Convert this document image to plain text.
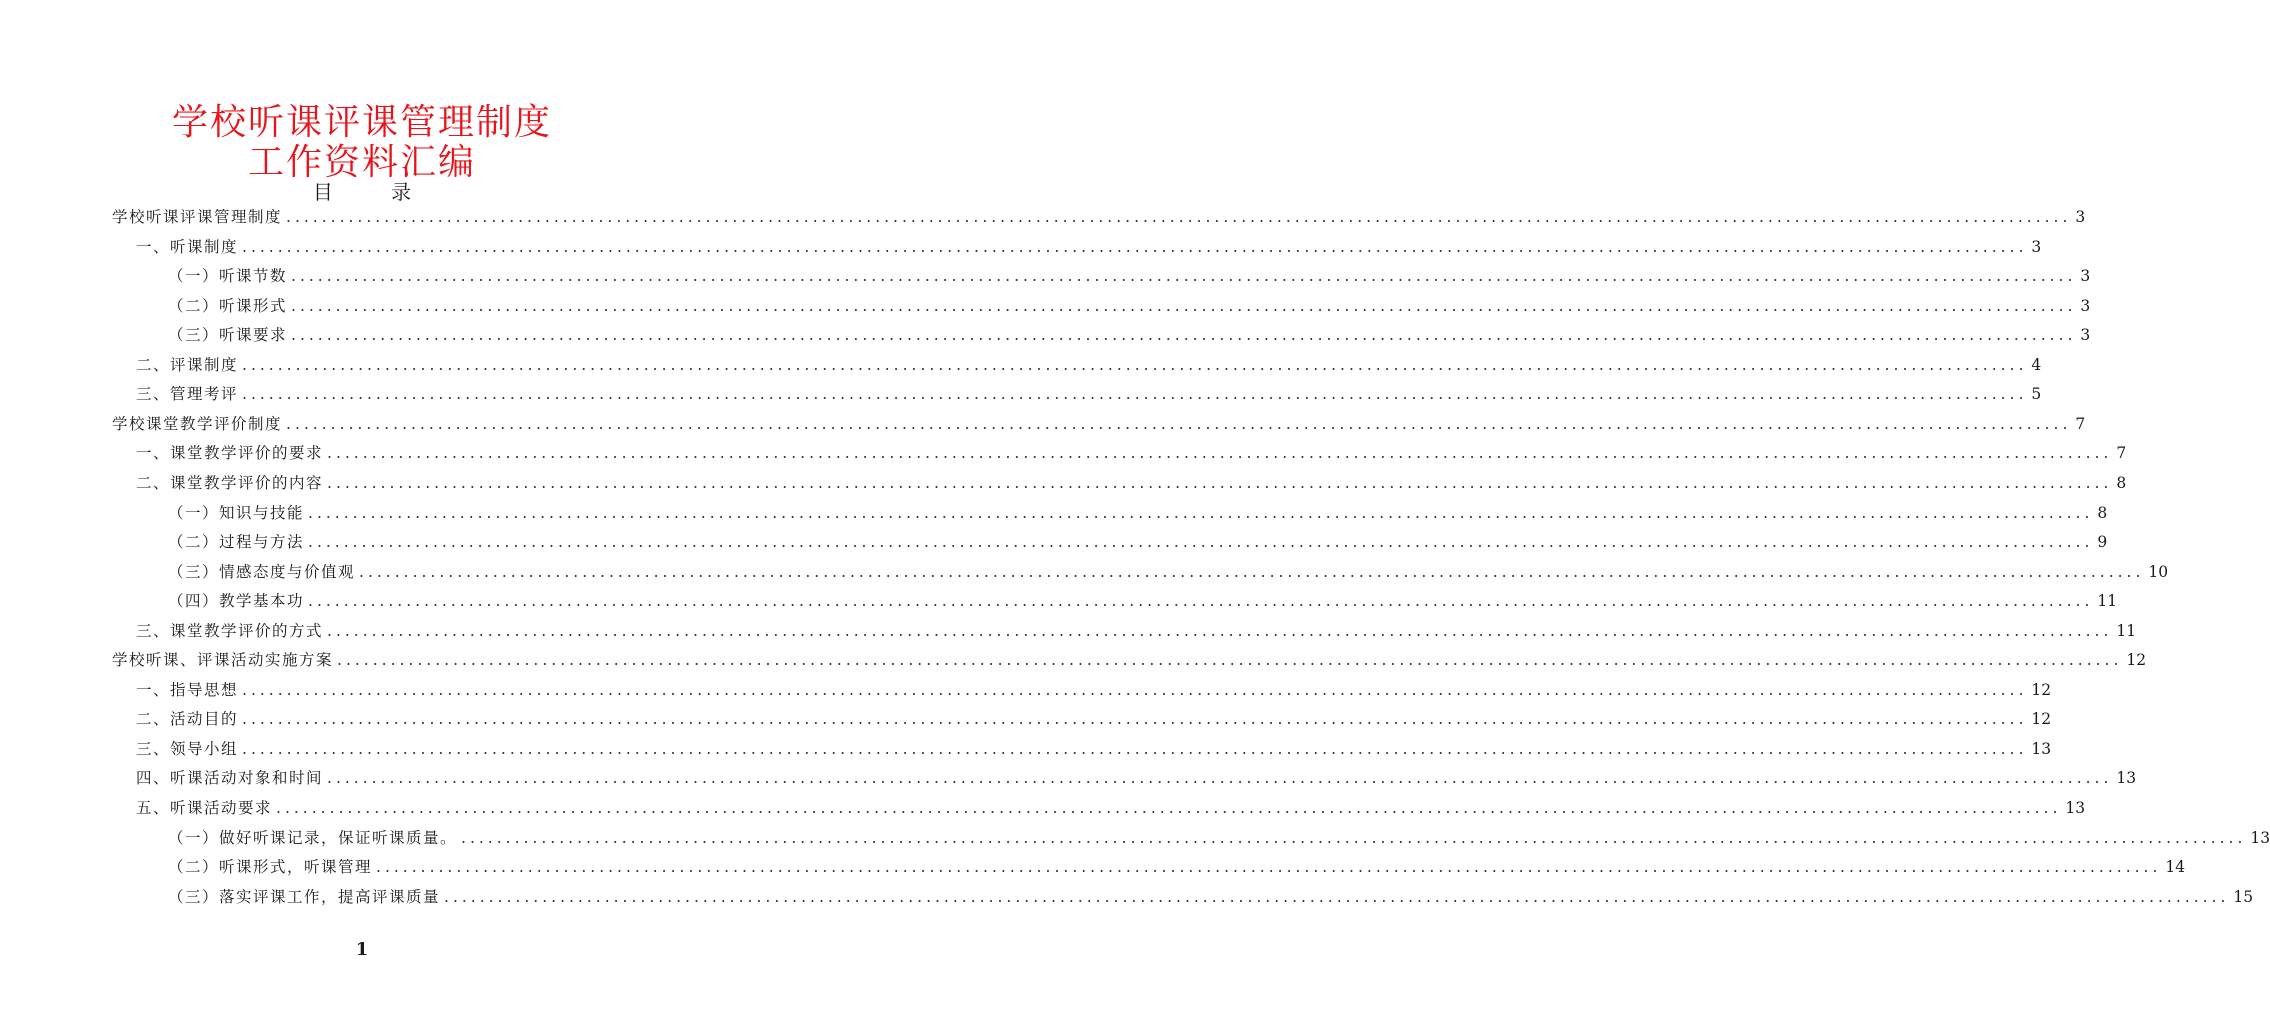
学校听课评课管理制度
工作资料汇编
目 录
学校听课评课管理制度 ........................................................................................................................................................................................................ 3
一、听课制度 ........................................................................................................................................................................................................ 3
（一）听课节数 ........................................................................................................................................................................................................ 3
（二）听课形式 ........................................................................................................................................................................................................ 3
（三）听课要求 ........................................................................................................................................................................................................ 3
二、评课制度 ........................................................................................................................................................................................................ 4
三、管理考评 ........................................................................................................................................................................................................ 5
学校课堂教学评价制度 ........................................................................................................................................................................................................ 7
一、课堂教学评价的要求 ........................................................................................................................................................................................................ 7
二、课堂教学评价的内容 ........................................................................................................................................................................................................ 8
（一）知识与技能 ........................................................................................................................................................................................................ 8
（二）过程与方法 ........................................................................................................................................................................................................ 9
（三）情感态度与价值观 ........................................................................................................................................................................................................ 10
（四）教学基本功 ........................................................................................................................................................................................................ 11
三、课堂教学评价的方式 ........................................................................................................................................................................................................ 11
学校听课、评课活动实施方案 ........................................................................................................................................................................................................ 12
一、指导思想 ........................................................................................................................................................................................................ 12
二、活动目的 ........................................................................................................................................................................................................ 12
三、领导小组 ........................................................................................................................................................................................................ 13
四、听课活动对象和时间 ........................................................................................................................................................................................................ 13
五、听课活动要求 ........................................................................................................................................................................................................ 13
（一）做好听课记录，保证听课质量。 ........................................................................................................................................................................................................ 13
（二）听课形式，听课管理 ........................................................................................................................................................................................................ 14
（三）落实评课工作，提高评课质量 ........................................................................................................................................................................................................ 15
1
